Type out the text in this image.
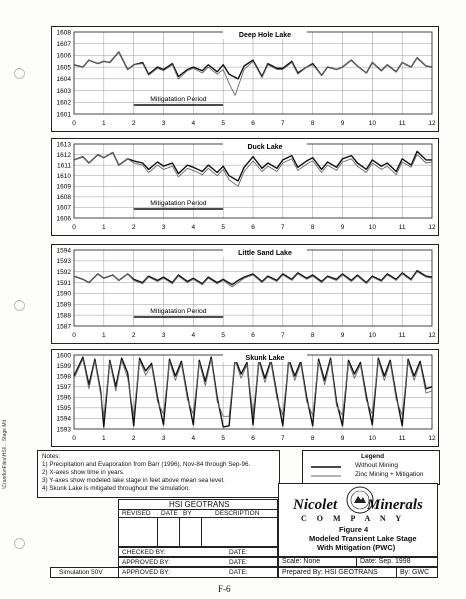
\CrandonFiles\HSI\... Stage Mit
1608
1607
1606
1605
1604
1603
1602
1601
0	1	2	3	4	5	6	7	8	9	10	11	12
Deep Hole Lake
Mitigatation Period
1613
1612
1611
1610
1609
1608
1607
1606
0	1	2	3	4	5	6	7	8	9	10	11	12
Duck Lake
Mitigatation Period
1594
1593
1592
1591
1590
1589
1588
1587
0	1	2	3	4	5	6	7	8	9	10	11	12
Little Sand Lake
Mitigatation Period
1600
1599
1598
1597
1596
1595
1594
1593
0	1	2	3	4	5	6	7	8	9	10	11	12
Skunk Lake
Notes:
1) Precipitation and Evaporation from Barr (1996), Nov-84 through Sep-96.
2) X-axes show time in years.
3) Y-axes show modeled lake stage in feet above mean sea level.
4) Skunk Lake is mitigated throughout the simulation.
Legend
Without Mining
Zinc Mining + Mitigation
HSI GEOTRANS
REVISED DATE BY	DESCRIPTION
CHECKED BY:	DATE:
APPROVED BY:	DATE:
Simulation 50V	APPROVED BY:	DATE:
Nicolet Minerals
C O M P A N Y
Figure 4
Modeled Transient Lake Stage
With Mitigation (PWC)
Scale: None	Date: Sep. 1998
Prepared By: HSI GEOTRANS	By: GWC
F-6
